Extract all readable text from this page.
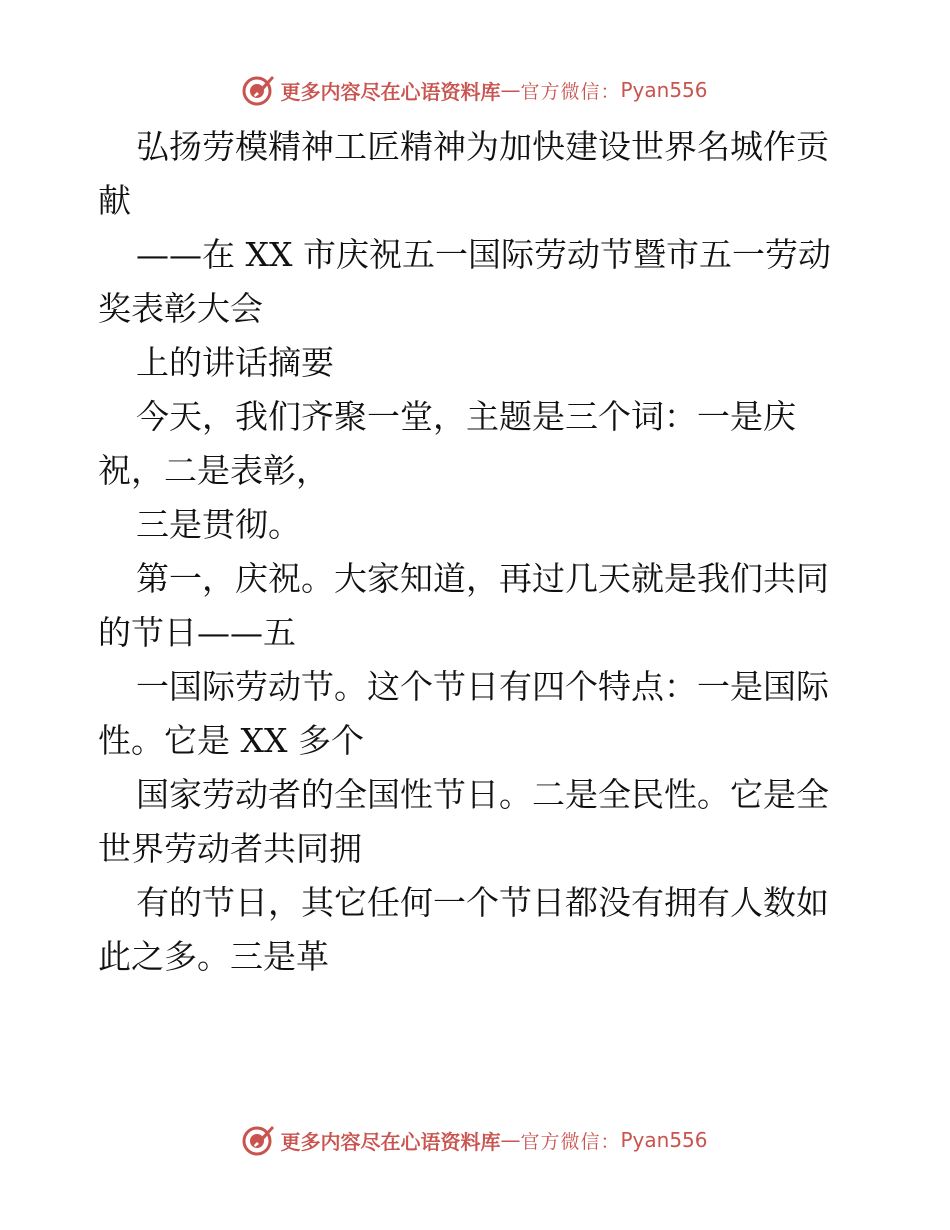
更多内容尽在心语资料库 — 官方微信： Pyan556
弘扬劳模精神工匠精神为加快建设世界名城作贡
献
——在 XX 市庆祝五一国际劳动节暨市五一劳动
奖表彰大会
上的讲话摘要
今天，我们齐聚一堂，主题是三个词：一是庆
祝，二是表彰，
三是贯彻。
第一，庆祝。大家知道，再过几天就是我们共同
的节日——五
一国际劳动节。这个节日有四个特点：一是国际
性。它是 XX 多个
国家劳动者的全国性节日。二是全民性。它是全
世界劳动者共同拥
有的节日，其它任何一个节日都没有拥有人数如
此之多。三是革
更多内容尽在心语资料库 — 官方微信： Pyan556
